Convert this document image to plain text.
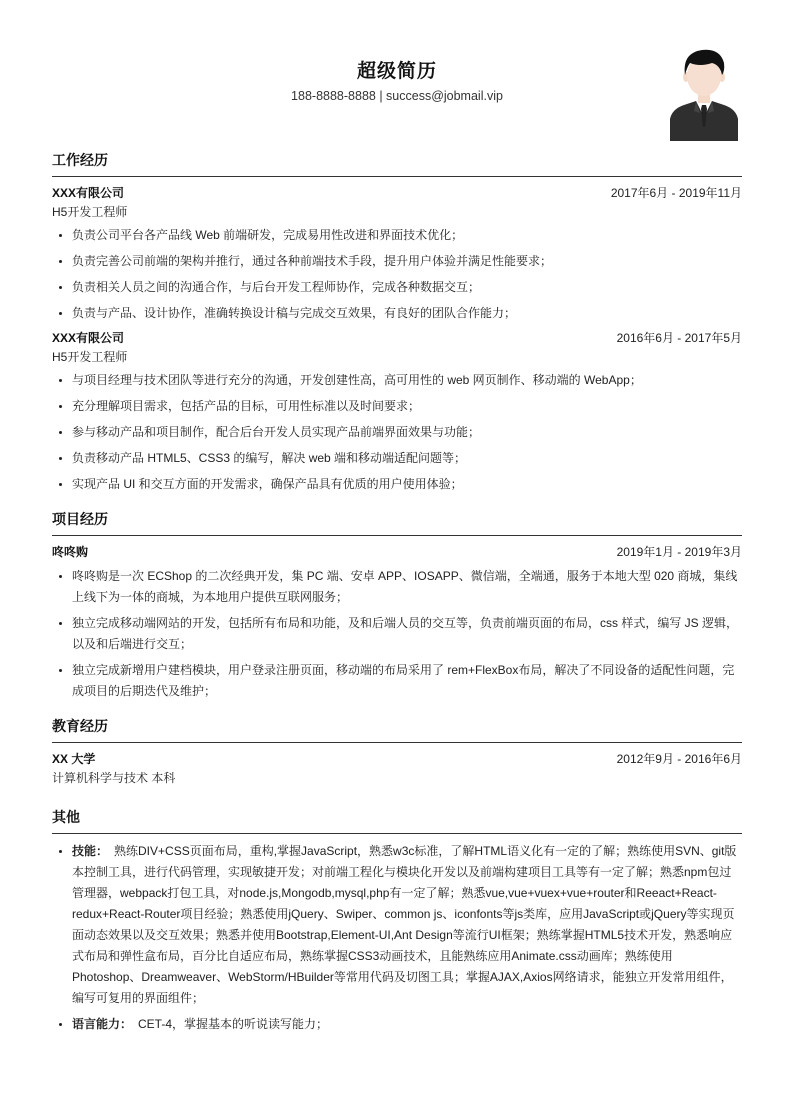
超级简历
188-8888-8888 | success@jobmail.vip
工作经历
XXX有限公司	2017年6月 - 2019年11月
H5开发工程师
• 负责公司平台各产品线 Web 前端研发，完成易用性改进和界面技术优化；
• 负责完善公司前端的架构并推行，通过各种前端技术手段，提升用户体验并满足性能要求；
• 负责相关人员之间的沟通合作，与后台开发工程师协作，完成各种数据交互；
• 负责与产品、设计协作，准确转换设计稿与完成交互效果，有良好的团队合作能力；
XXX有限公司	2016年6月 - 2017年5月
H5开发工程师
• 与项目经理与技术团队等进行充分的沟通，开发创建性高，高可用性的 web 网页制作、移动端的 WebApp；
• 充分理解项目需求，包括产品的目标，可用性标准以及时间要求；
• 参与移动产品和项目制作，配合后台开发人员实现产品前端界面效果与功能；
• 负责移动产品 HTML5、CSS3 的编写，解决 web 端和移动端适配问题等；
• 实现产品 UI 和交互方面的开发需求，确保产品具有优质的用户使用体验；
项目经历
咚咚购	2019年1月 - 2019年3月
• 咚咚购是一次 ECShop 的二次经典开发，集 PC 端、安卓 APP、IOSAPP、微信端，全端通，服务于本地大型 020 商城，集线上线下为一体的商城，为本地用户提供互联网服务；
• 独立完成移动端网站的开发，包括所有布局和功能，及和后端人员的交互等，负责前端页面的布局，css 样式，编写 JS 逻辑，以及和后端进行交互；
• 独立完成新增用户建档模块，用户登录注册页面，移动端的布局采用了 rem+FlexBox布局，解决了不同设备的适配性问题，完成项目的后期迭代及维护；
教育经历
XX 大学	2012年9月 - 2016年6月
计算机科学与技术 本科
其他
• 技能： 熟练DIV+CSS页面布局，重构,掌握JavaScript，熟悉w3c标准，了解HTML语义化有一定的了解；熟练使用SVN、git版本控制工具，进行代码管理，实现敏捷开发；对前端工程化与模块化开发以及前端构建项目工具等有一定了解；熟悉npm包过管理器，webpack打包工具，对node.js,Mongodb,mysql,php有一定了解；熟悉vue,vue+vuex+vue+router和Reeact+React-redux+React-Router项目经验；熟悉使用jQuery、Swiper、common js、iconfonts等js类库，应用JavaScript或jQuery等实现页面动态效果以及交互效果；熟悉并使用Bootstrap,Element-UI,Ant Design等流行UI框架；熟练掌握HTML5技术开发，熟悉响应式布局和弹性盒布局，百分比自适应布局，熟练掌握CSS3动画技术，且能熟练应用Animate.css动画库；熟练使用Photoshop、Dreamweaver、WebStorm/HBuilder等常用代码及切图工具；掌握AJAX,Axios网络请求，能独立开发常用组件，编写可复用的界面组件；
• 语言能力： CET-4，掌握基本的听说读写能力；
